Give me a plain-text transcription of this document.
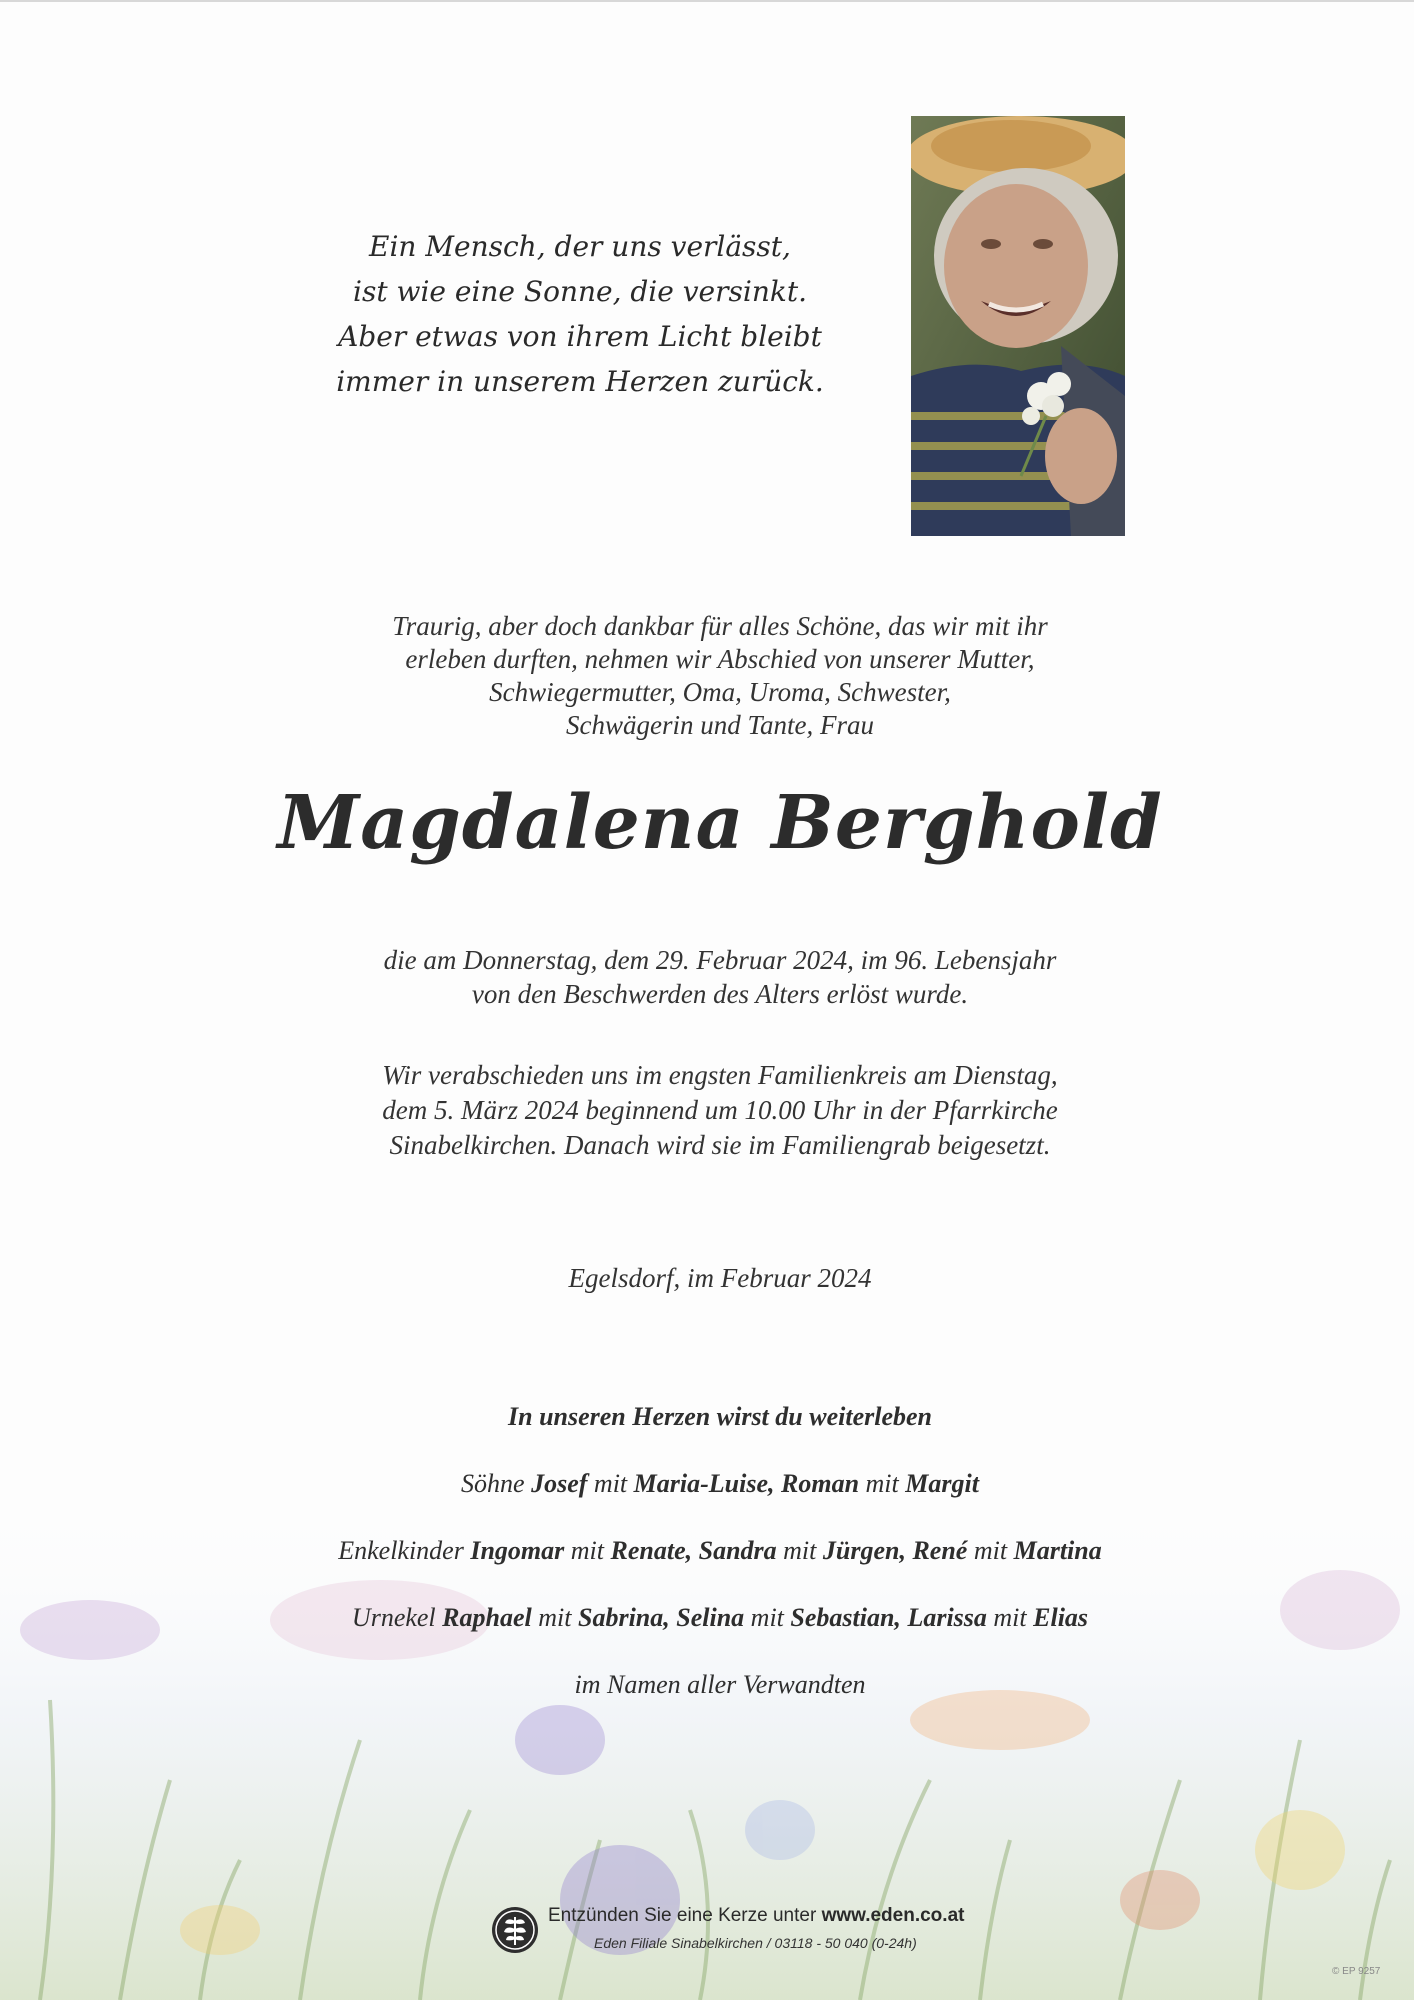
Ein Mensch, der uns verlässt,
ist wie eine Sonne, die versinkt.
Aber etwas von ihrem Licht bleibt
immer in unserem Herzen zurück.
Traurig, aber doch dankbar für alles Schöne, das wir mit ihr
erleben durften, nehmen wir Abschied von unserer Mutter,
Schwiegermutter, Oma, Uroma, Schwester,
Schwägerin und Tante, Frau
Magdalena Berghold
die am Donnerstag, dem 29. Februar 2024, im 96. Lebensjahr
von den Beschwerden des Alters erlöst wurde.
Wir verabschieden uns im engsten Familienkreis am Dienstag,
dem 5. März 2024 beginnend um 10.00 Uhr in der Pfarrkirche
Sinabelkirchen. Danach wird sie im Familiengrab beigesetzt.
Egelsdorf, im Februar 2024
In unseren Herzen wirst du weiterleben
Söhne Josef mit Maria-Luise, Roman mit Margit
Enkelkinder Ingomar mit Renate, Sandra mit Jürgen, René mit Martina
Urnekel Raphael mit Sabrina, Selina mit Sebastian, Larissa mit Elias
im Namen aller Verwandten
Entzünden Sie eine Kerze unter www.eden.co.at
Eden Filiale Sinabelkirchen / 03118 - 50 040 (0-24h)
© EP 9257
